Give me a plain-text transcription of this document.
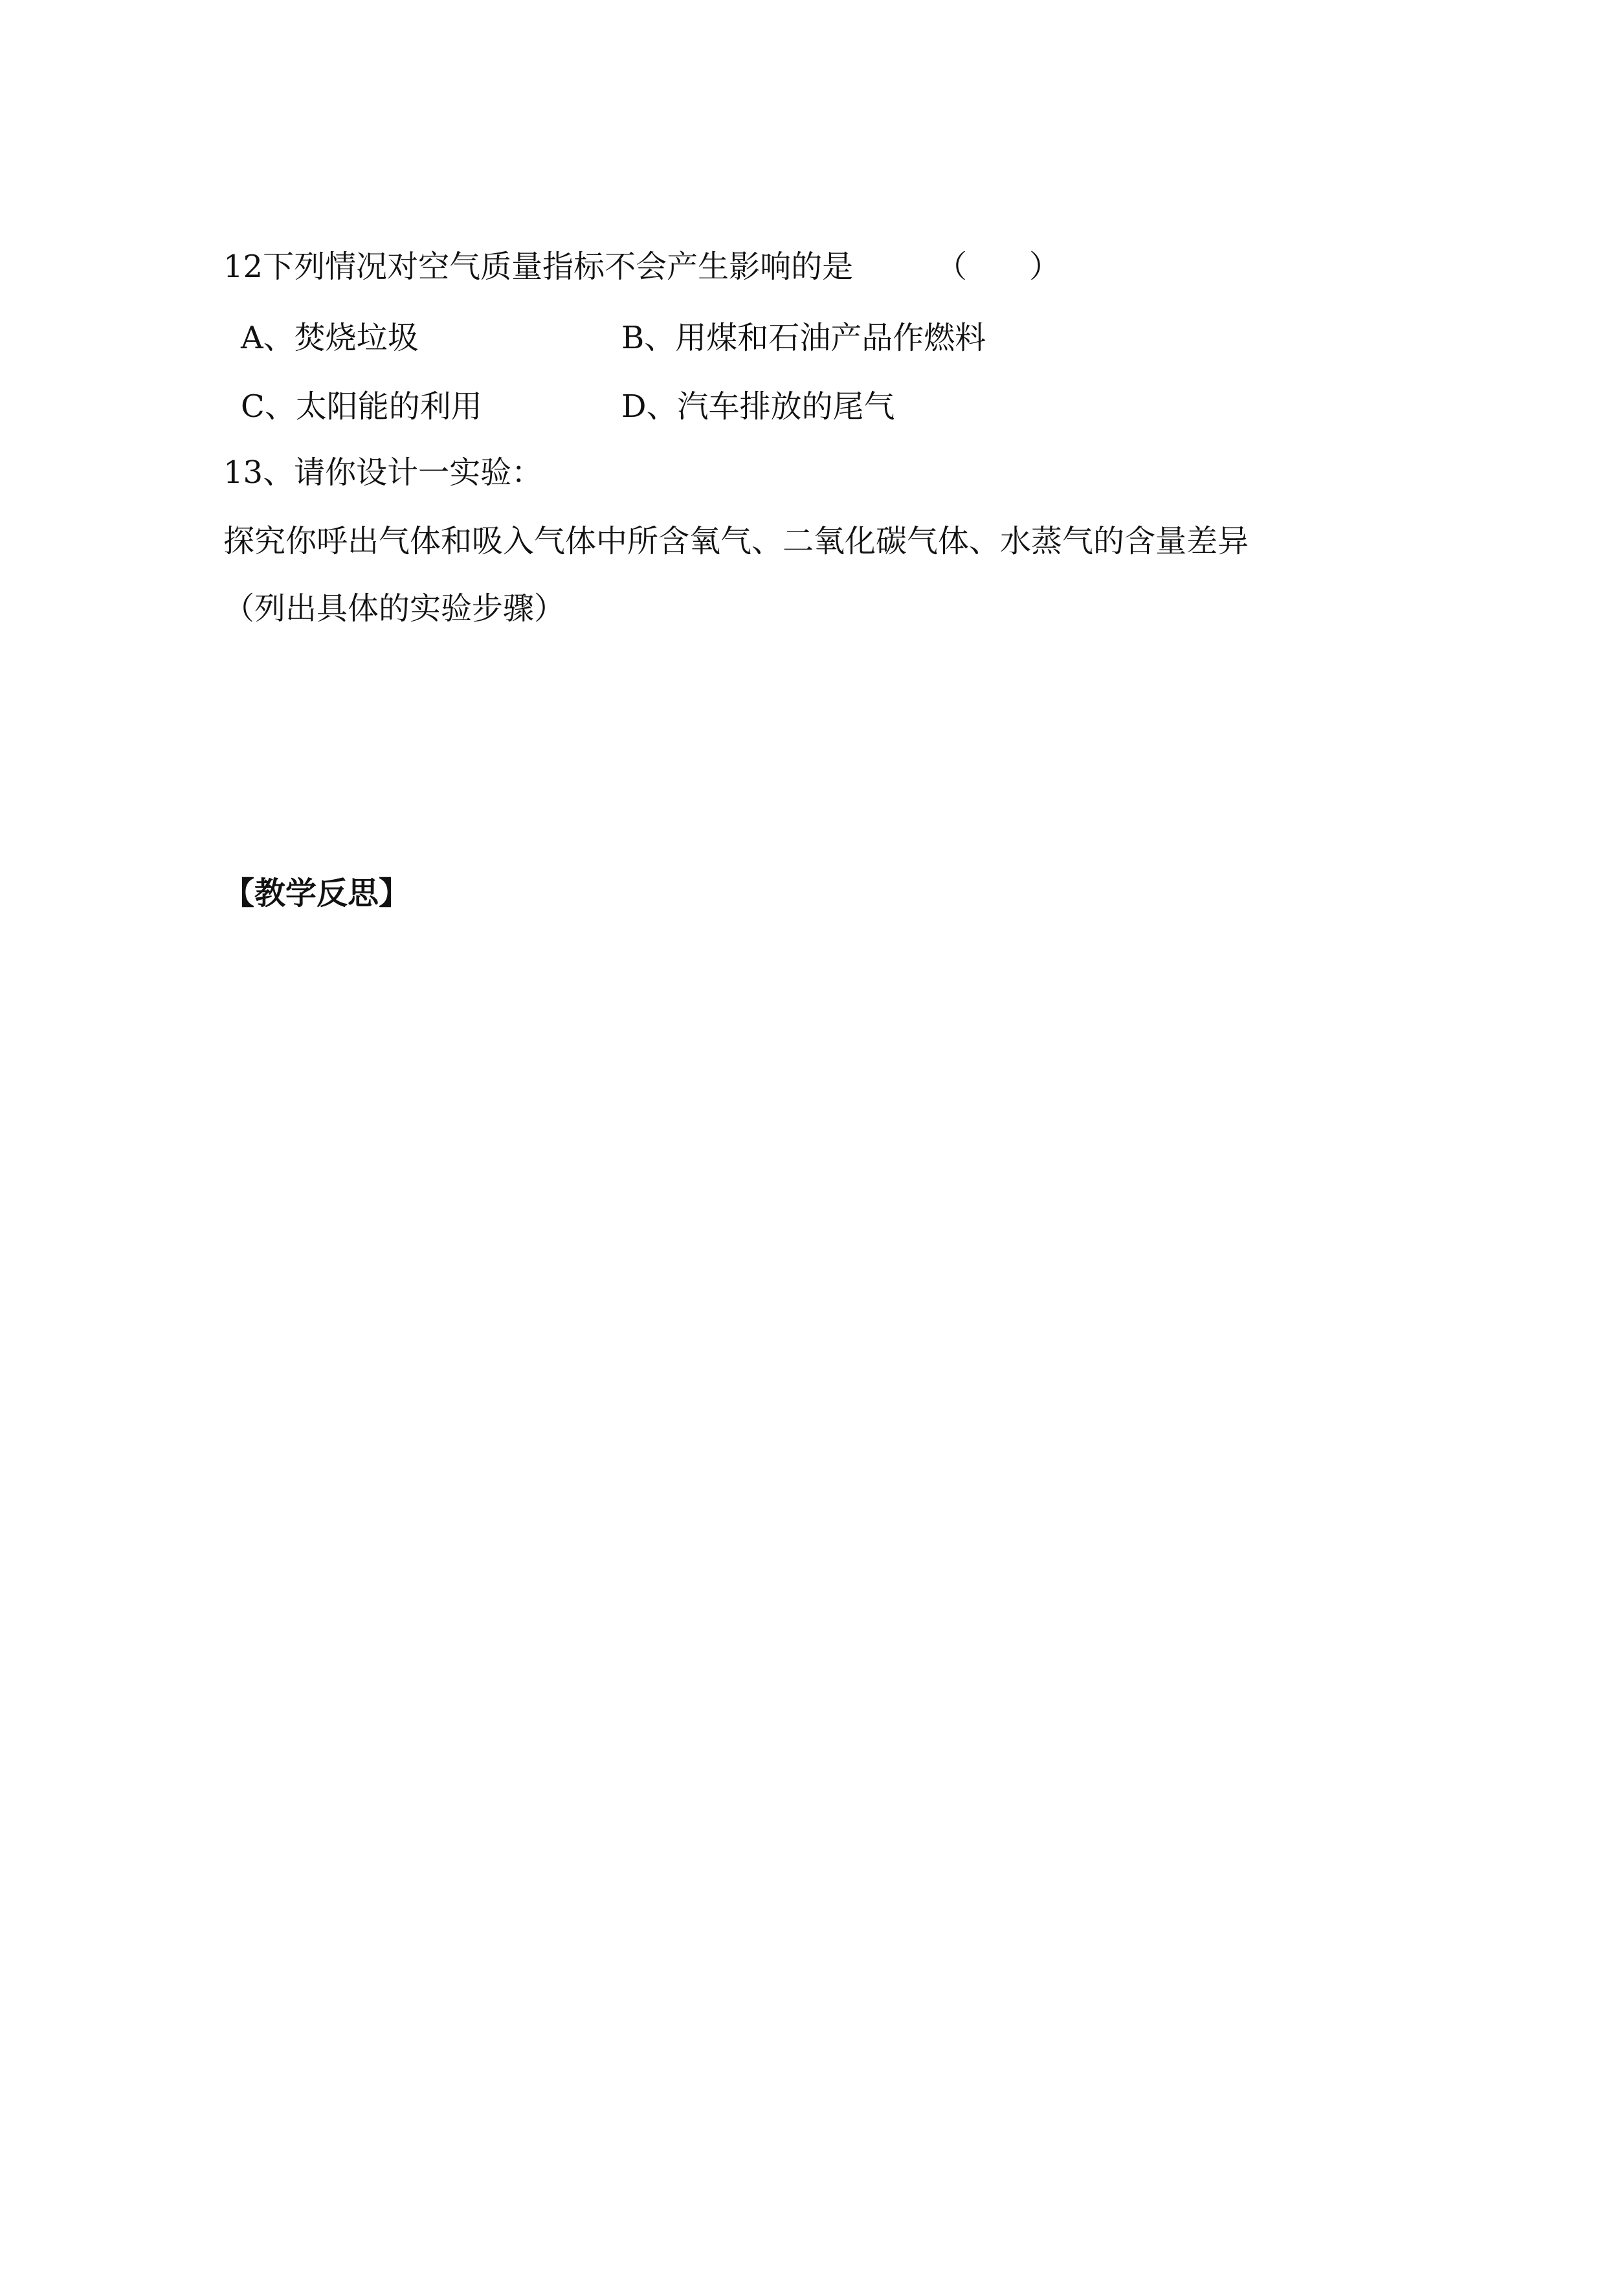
12下列情况对空气质量指标不会产生影响的是	（　　）
A、焚烧垃圾	B、用煤和石油产品作燃料
C、太阳能的利用	D、汽车排放的尾气
13、请你设计一实验：
探究你呼出气体和吸入气体中所含氧气、二氧化碳气体、水蒸气的含量差异
（列出具体的实验步骤）
【教学反思】
